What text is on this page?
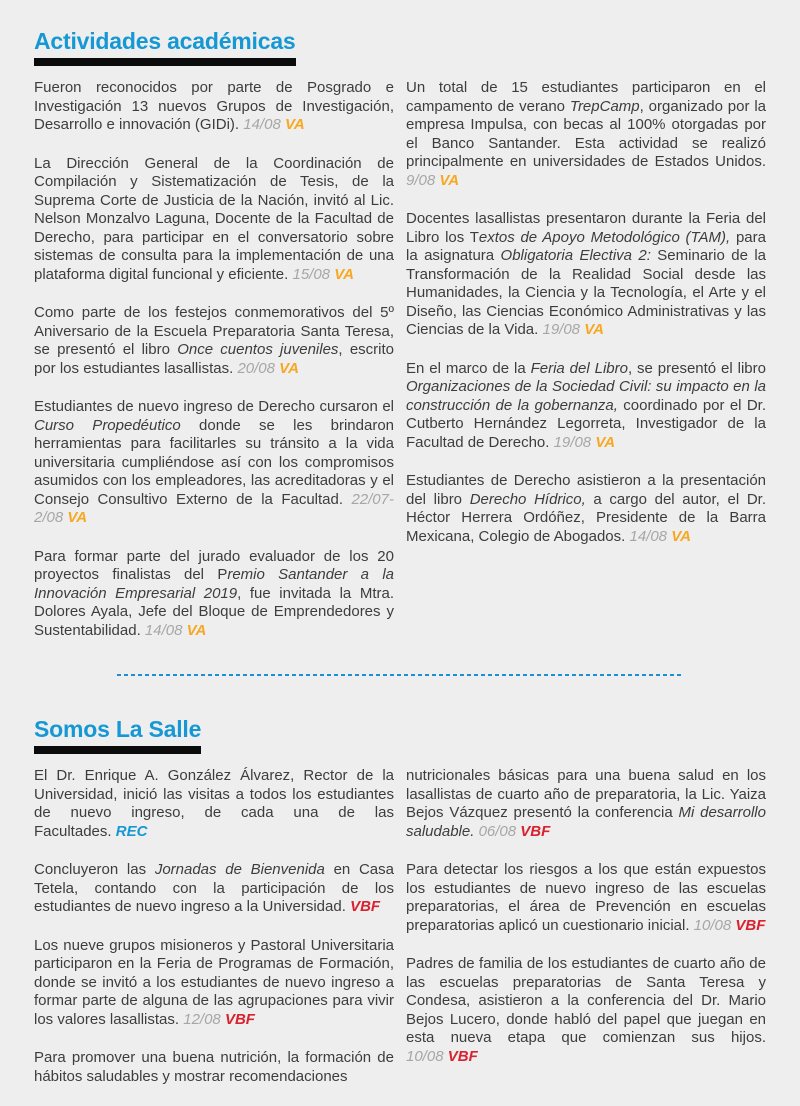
Actividades académicas

Fueron reconocidos por parte de Posgrado e Investigación 13 nuevos Grupos de Investigación, Desarrollo e innovación (GIDi). 14/08 VA

La Dirección General de la Coordinación de Compilación y Sistematización de Tesis, de la Suprema Corte de Justicia de la Nación, invitó al Lic. Nelson Monzalvo Laguna, Docente de la Facultad de Derecho, para participar en el conversatorio sobre sistemas de consulta para la implementación de una plataforma digital funcional y eficiente. 15/08 VA

Como parte de los festejos conmemorativos del 5º Aniversario de la Escuela Preparatoria Santa Teresa, se presentó el libro Once cuentos juveniles, escrito por los estudiantes lasallistas. 20/08 VA

Estudiantes de nuevo ingreso de Derecho cursaron el Curso Propedéutico donde se les brindaron herramientas para facilitarles su tránsito a la vida universitaria cumpliéndose así con los compromisos asumidos con los empleadores, las acreditadoras y el Consejo Consultivo Externo de la Facultad. 22/07-2/08 VA

Para formar parte del jurado evaluador de los 20 proyectos finalistas del Premio Santander a la Innovación Empresarial 2019, fue invitada la Mtra. Dolores Ayala, Jefe del Bloque de Emprendedores y Sustentabilidad. 14/08 VA

Un total de 15 estudiantes participaron en el campamento de verano TrepCamp, organizado por la empresa Impulsa, con becas al 100% otorgadas por el Banco Santander. Esta actividad se realizó principalmente en universidades de Estados Unidos. 9/08 VA

Docentes lasallistas presentaron durante la Feria del Libro los Textos de Apoyo Metodológico (TAM), para la asignatura Obligatoria Electiva 2: Seminario de la Transformación de la Realidad Social desde las Humanidades, la Ciencia y la Tecnología, el Arte y el Diseño, las Ciencias Económico Administrativas y las Ciencias de la Vida. 19/08 VA

En el marco de la Feria del Libro, se presentó el libro Organizaciones de la Sociedad Civil: su impacto en la construcción de la gobernanza, coordinado por el Dr. Cutberto Hernández Legorreta, Investigador de la Facultad de Derecho. 19/08 VA

Estudiantes de Derecho asistieron a la presentación del libro Derecho Hídrico, a cargo del autor, el Dr. Héctor Herrera Ordóñez, Presidente de la Barra Mexicana, Colegio de Abogados. 14/08 VA

Somos La Salle

El Dr. Enrique A. González Álvarez, Rector de la Universidad, inició las visitas a todos los estudiantes de nuevo ingreso, de cada una de las Facultades. REC

Concluyeron las Jornadas de Bienvenida en Casa Tetela, contando con la participación de los estudiantes de nuevo ingreso a la Universidad. VBF

Los nueve grupos misioneros y Pastoral Universitaria participaron en la Feria de Programas de Formación, donde se invitó a los estudiantes de nuevo ingreso a formar parte de alguna de las agrupaciones para vivir los valores lasallistas. 12/08 VBF

Para promover una buena nutrición, la formación de hábitos saludables y mostrar recomendaciones

nutricionales básicas para una buena salud en los lasallistas de cuarto año de preparatoria, la Lic. Yaiza Bejos Vázquez presentó la conferencia Mi desarrollo saludable. 06/08 VBF

Para detectar los riesgos a los que están expuestos los estudiantes de nuevo ingreso de las escuelas preparatorias, el área de Prevención en escuelas preparatorias aplicó un cuestionario inicial. 10/08 VBF

Padres de familia de los estudiantes de cuarto año de las escuelas preparatorias de Santa Teresa y Condesa, asistieron a la conferencia del Dr. Mario Bejos Lucero, donde habló del papel que juegan en esta nueva etapa que comienzan sus hijos. 10/08 VBF
